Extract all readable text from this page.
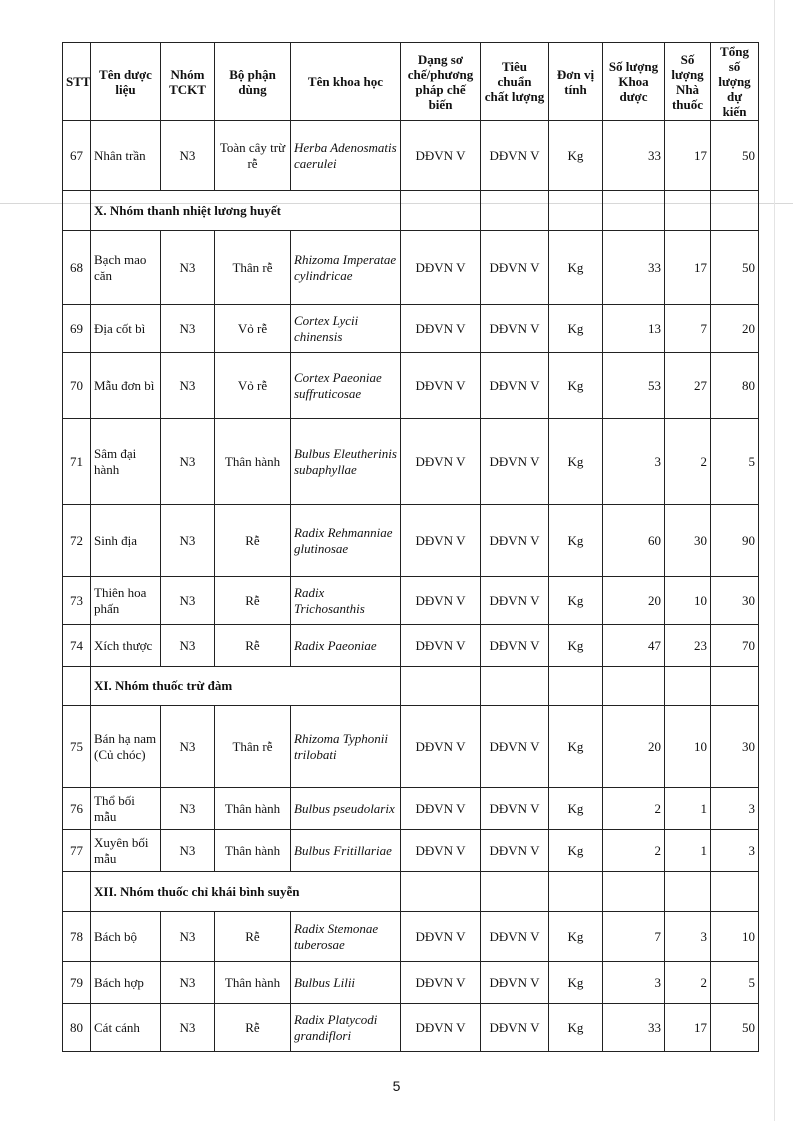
STT	Tên dược liệu	Nhóm TCKT	Bộ phận dùng	Tên khoa học	Dạng sơ chế/phương pháp chế biến	Tiêu chuẩn chất lượng	Đơn vị tính	Số lượng Khoa dược	Số lượng Nhà thuốc	Tổng số lượng dự kiến
67	Nhân trần	N3	Toàn cây trừ rễ	Herba Adenosmatis caerulei	DĐVN V	DĐVN V	Kg	33	17	50
	X. Nhóm thanh nhiệt lương huyết									
68	Bạch mao căn	N3	Thân rễ	Rhizoma Imperatae cylindricae	DĐVN V	DĐVN V	Kg	33	17	50
69	Địa cốt bì	N3	Vỏ rễ	Cortex Lycii chinensis	DĐVN V	DĐVN V	Kg	13	7	20
70	Mẫu đơn bì	N3	Vỏ rễ	Cortex Paeoniae suffruticosae	DĐVN V	DĐVN V	Kg	53	27	80
71	Sâm đại hành	N3	Thân hành	Bulbus Eleutherinis subaphyllae	DĐVN V	DĐVN V	Kg	3	2	5
72	Sinh địa	N3	Rễ	Radix Rehmanniae glutinosae	DĐVN V	DĐVN V	Kg	60	30	90
73	Thiên hoa phấn	N3	Rễ	Radix Trichosanthis	DĐVN V	DĐVN V	Kg	20	10	30
74	Xích thược	N3	Rễ	Radix Paeoniae	DĐVN V	DĐVN V	Kg	47	23	70
	XI. Nhóm thuốc trừ đàm									
75	Bán hạ nam (Củ chóc)	N3	Thân rễ	Rhizoma Typhonii trilobati	DĐVN V	DĐVN V	Kg	20	10	30
76	Thổ bối mẫu	N3	Thân hành	Bulbus pseudolarix	DĐVN V	DĐVN V	Kg	2	1	3
77	Xuyên bối mẫu	N3	Thân hành	Bulbus Fritillariae	DĐVN V	DĐVN V	Kg	2	1	3
	XII. Nhóm thuốc chỉ khái bình suyễn									
78	Bách bộ	N3	Rễ	Radix Stemonae tuberosae	DĐVN V	DĐVN V	Kg	7	3	10
79	Bách hợp	N3	Thân hành	Bulbus Lilii	DĐVN V	DĐVN V	Kg	3	2	5
80	Cát cánh	N3	Rễ	Radix Platycodi grandiflori	DĐVN V	DĐVN V	Kg	33	17	50
5
